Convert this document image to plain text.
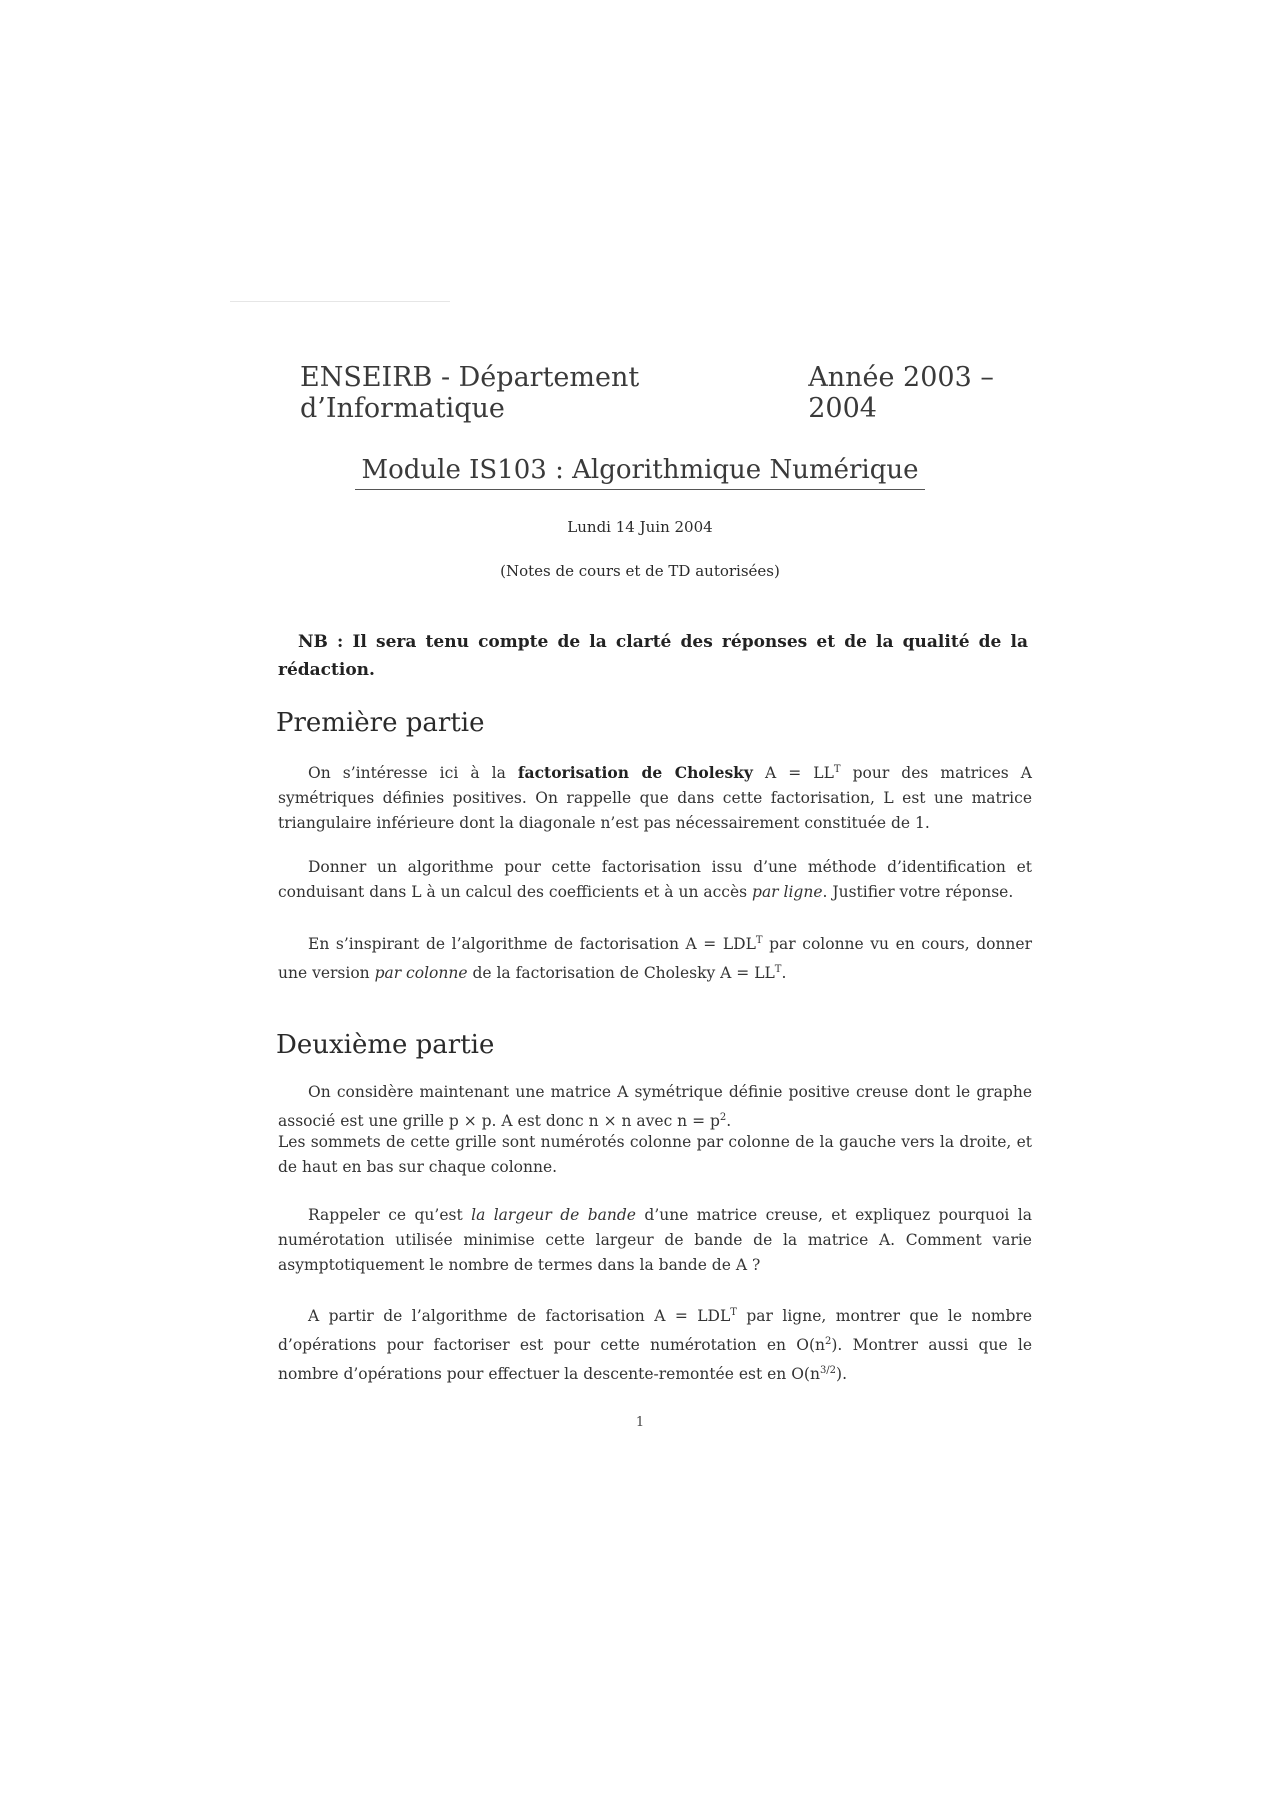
ENSEIRB - Département d’Informatique
Année 2003 – 2004
Module IS103 : Algorithmique Numérique
Lundi 14 Juin 2004
(Notes de cours et de TD autorisées)
NB : Il sera tenu compte de la clarté des réponses et de la qualité de la rédaction.
Première partie
On s’intéresse ici à la factorisation de Cholesky $A = LL^T$ pour des matrices A symétriques définies positives. On rappelle que dans cette factorisation, L est une matrice triangulaire inférieure dont la diagonale n’est pas nécessairement constituée de 1.
Donner un algorithme pour cette factorisation issu d’une méthode d’identification et conduisant dans L à un calcul des coefficients et à un accès par ligne. Justifier votre réponse.
En s’inspirant de l’algorithme de factorisation $A = LDL^T$ par colonne vu en cours, donner une version par colonne de la factorisation de Cholesky $A = LL^T$.
Deuxième partie
On considère maintenant une matrice A symétrique définie positive creuse dont le graphe associé est une grille p × p. A est donc n × n avec $n = p^2$.
Les sommets de cette grille sont numérotés colonne par colonne de la gauche vers la droite, et de haut en bas sur chaque colonne.
Rappeler ce qu’est la largeur de bande d’une matrice creuse, et expliquez pourquoi la numérotation utilisée minimise cette largeur de bande de la matrice A. Comment varie asymptotiquement le nombre de termes dans la bande de A ?
A partir de l’algorithme de factorisation $A = LDL^T$ par ligne, montrer que le nombre d’opérations pour factoriser est pour cette numérotation en $O(n^2)$. Montrer aussi que le nombre d’opérations pour effectuer la descente-remontée est en $O(n^{3/2})$.
1
